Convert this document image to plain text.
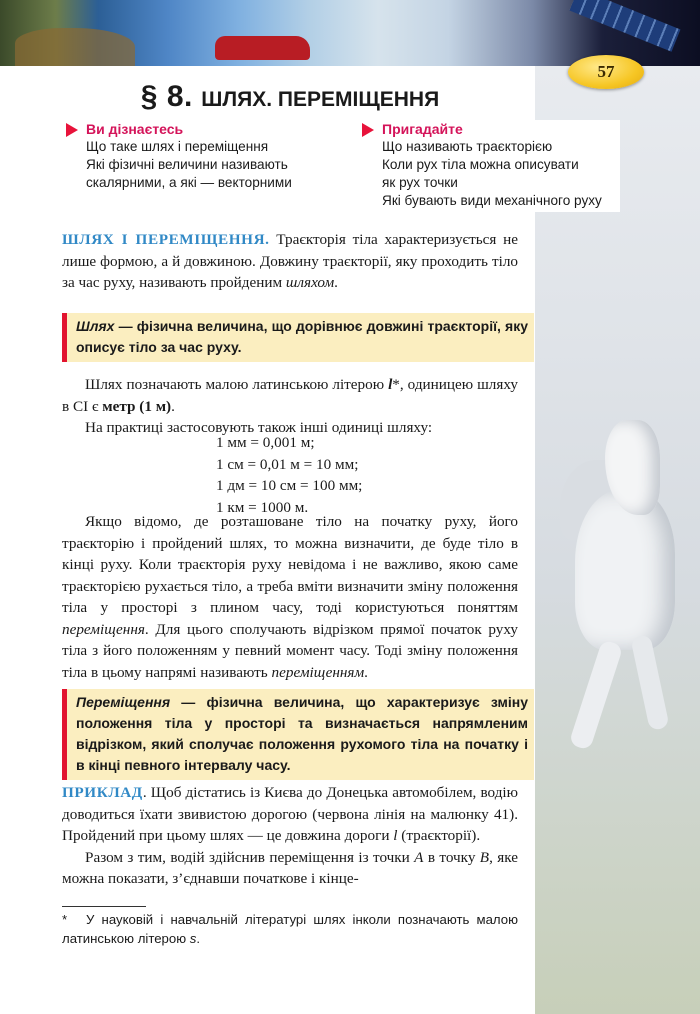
57
§ 8. ШЛЯХ. ПЕРЕМІЩЕННЯ
Ви дізнаєтесь
Що таке шлях і переміщення
Які фізичні величини називають
скалярними, а які — векторними
Пригадайте
Що називають траєкторією
Коли рух тіла можна описувати
як рух точки
Які бувають види механічного руху

ШЛЯХ І ПЕРЕМІЩЕННЯ. Траєкторія тіла характеризується не лише формою, а й довжиною. Довжину траєкторії, яку проходить тіло за час руху, називають пройденим шляхом.

Шлях — фізична величина, що дорівнює довжині траєкторії, яку описує тіло за час руху.

Шлях позначають малою латинською літерою l*, одиницею шляху в СІ є метр (1 м).

На практиці застосовують також інші одиниці шляху:

1 мм = 0,001 м;
1 см = 0,01 м = 10 мм;
1 дм = 10 см = 100 мм;
1 км = 1000 м.

Якщо відомо, де розташоване тіло на початку руху, його траєкторію і пройдений шлях, то можна визначити, де буде тіло в кінці руху. Коли траєкторія руху невідома і не важливо, якою саме траєкторією рухається тіло, а треба вміти визначити зміну положення тіла у просторі з плином часу, тоді користуються поняттям переміщення. Для цього сполучають відрізком прямої початок руху тіла з його положенням у певний момент часу. Тоді зміну положення тіла в цьому напрямі називають переміщенням.

Переміщення — фізична величина, що характеризує зміну положення тіла у просторі та визначається напрямленим відрізком, який сполучає положення рухомого тіла на початку і в кінці певного інтервалу часу.

ПРИКЛАД. Щоб дістатись із Києва до Донецька автомобілем, водію доводиться їхати звивистою дорогою (червона лінія на малюнку 41). Пройдений при цьому шлях — це довжина дороги l (траєкторії).

Разом з тим, водій здійснив переміщення із точки A в точку B, яке можна показати, з’єднавши початкове і кінце-

* У науковій і навчальній літературі шлях інколи позначають малою латинською літерою s.
